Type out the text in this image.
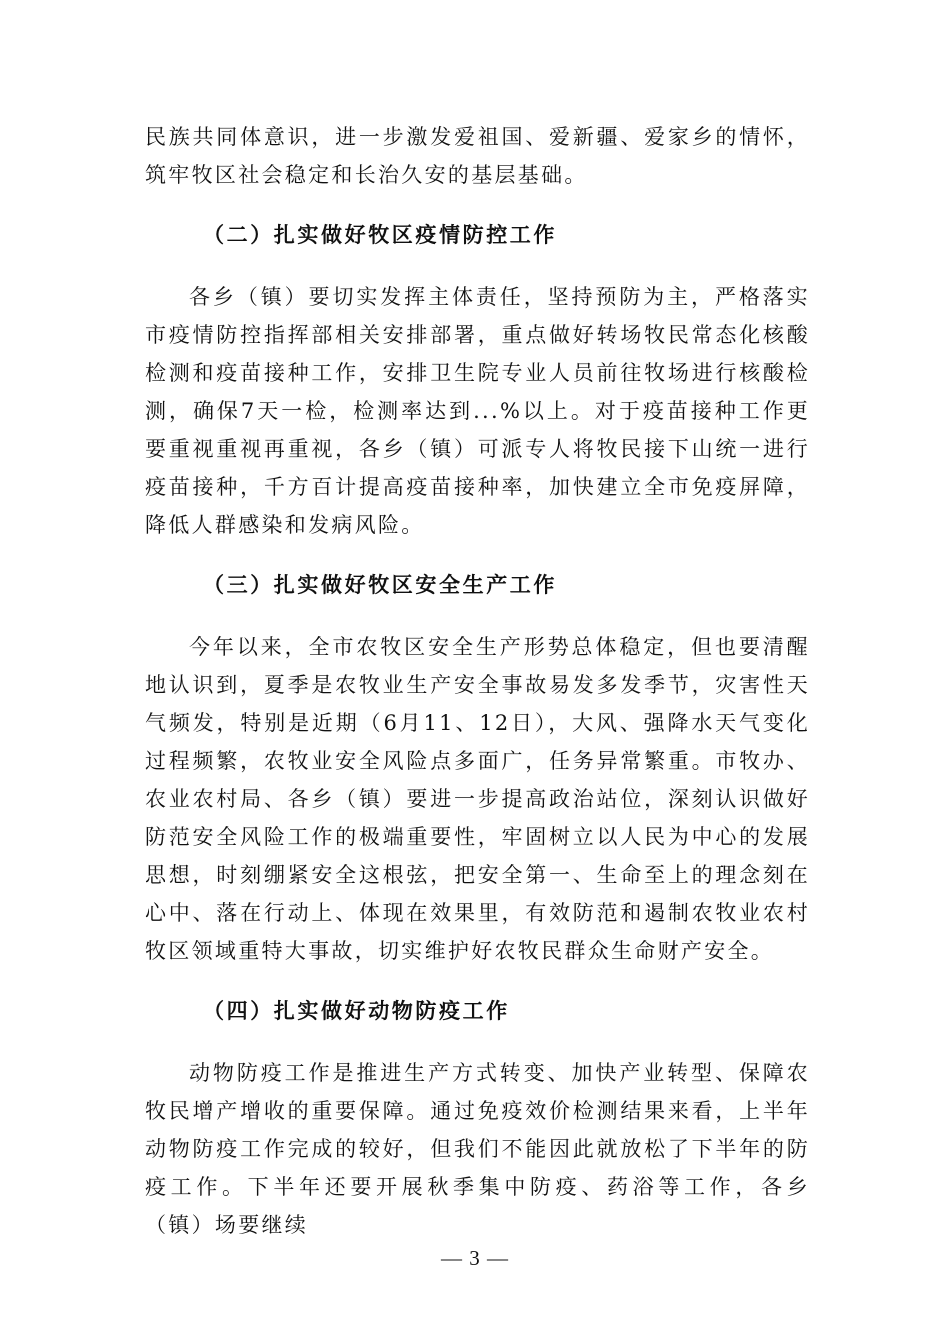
民族共同体意识，进一步激发爱祖国、爱新疆、爱家乡的情怀，筑牢牧区社会稳定和长治久安的基层基础。

（二）扎实做好牧区疫情防控工作

各乡（镇）要切实发挥主体责任，坚持预防为主，严格落实市疫情防控指挥部相关安排部署，重点做好转场牧民常态化核酸检测和疫苗接种工作，安排卫生院专业人员前往牧场进行核酸检测，确保7天一检，检测率达到...%以上。对于疫苗接种工作更要重视重视再重视，各乡（镇）可派专人将牧民接下山统一进行疫苗接种，千方百计提高疫苗接种率，加快建立全市免疫屏障，降低人群感染和发病风险。

（三）扎实做好牧区安全生产工作

今年以来，全市农牧区安全生产形势总体稳定，但也要清醒地认识到，夏季是农牧业生产安全事故易发多发季节，灾害性天气频发，特别是近期（6月11、12日），大风、强降水天气变化过程频繁，农牧业安全风险点多面广，任务异常繁重。市牧办、农业农村局、各乡（镇）要进一步提高政治站位，深刻认识做好防范安全风险工作的极端重要性，牢固树立以人民为中心的发展思想，时刻绷紧安全这根弦，把安全第一、生命至上的理念刻在心中、落在行动上、体现在效果里，有效防范和遏制农牧业农村牧区领域重特大事故，切实维护好农牧民群众生命财产安全。

（四）扎实做好动物防疫工作

动物防疫工作是推进生产方式转变、加快产业转型、保障农牧民增产增收的重要保障。通过免疫效价检测结果来看，上半年动物防疫工作完成的较好，但我们不能因此就放松了下半年的防疫工作。下半年还要开展秋季集中防疫、药浴等工作，各乡（镇）场要继续

— 3 —
